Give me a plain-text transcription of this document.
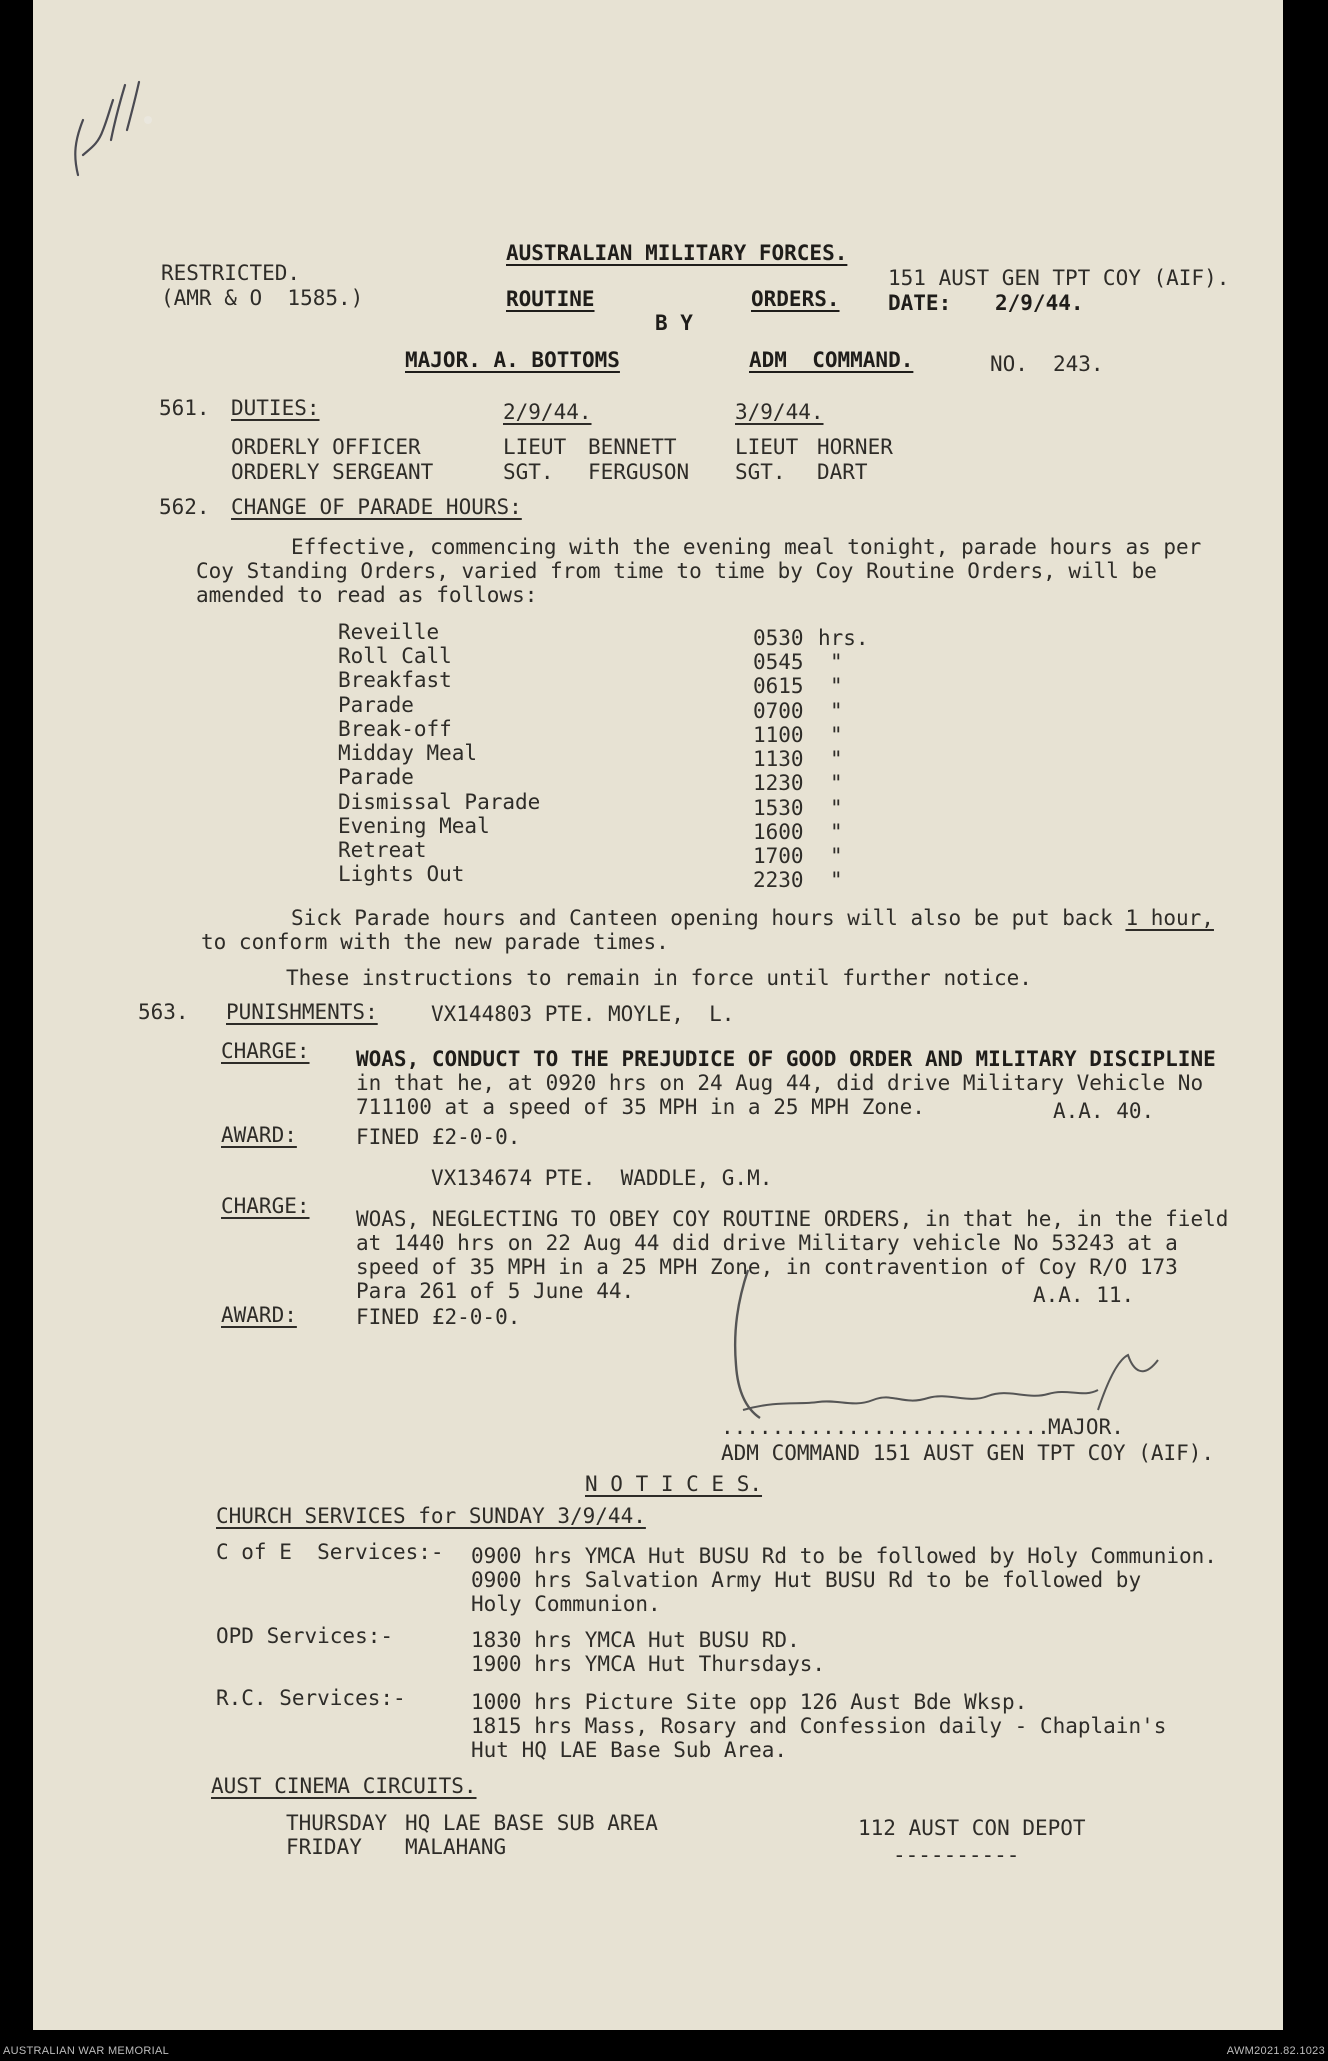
RESTRICTED.
(AMR & O  1585.)
AUSTRALIAN MILITARY FORCES.
151 AUST GEN TPT COY (AIF).
ROUTINE	ORDERS. DATE: 2/9/44.
B Y
MAJOR. A. BOTTOMS	ADM  COMMAND.	NO. 243.
561. DUTIES:	2/9/44.	3/9/44.
ORDERLY OFFICER	LIEUT BENNETT	LIEUT HORNER
ORDERLY SERGEANT	SGT. FERGUSON SGT. DART
562. CHANGE OF PARADE HOURS:
Effective, commencing with the evening meal tonight, parade hours as per
Coy Standing Orders, varied from time to time by Coy Routine Orders, will be
amended to read as follows:
Reveille	0530 hrs.
Roll Call	0545 "
Breakfast	0615 "
Parade	0700 "
Break-off	1100 "
Midday Meal	1130 "
Parade	1230 "
Dismissal Parade	1530 "
Evening Meal	1600 "
Retreat	1700 "
Lights Out	2230 "
Sick Parade hours and Canteen opening hours will also be put back 1 hour,
to conform with the new parade times.
These instructions to remain in force until further notice.
563. PUNISHMENTS:	VX144803 PTE. MOYLE,  L.
CHARGE: WOAS, CONDUCT TO THE PREJUDICE OF GOOD ORDER AND MILITARY DISCIPLINE
in that he, at 0920 hrs on 24 Aug 44, did drive Military Vehicle No
711100 at a speed of 35 MPH in a 25 MPH Zone.	A.A. 40.
AWARD:	FINED £2-0-0.
VX134674 PTE.  WADDLE, G.M.
CHARGE:
WOAS, NEGLECTING TO OBEY COY ROUTINE ORDERS, in that he, in the field
at 1440 hrs on 22 Aug 44 did drive Military vehicle No 53243 at a
speed of 35 MPH in a 25 MPH Zone, in contravention of Coy R/O 173
Para 261 of 5 June 44.	A.A. 11.
AWARD:	FINED £2-0-0.
..........................
MAJOR.
ADM COMMAND 151 AUST GEN TPT COY (AIF).
N O T I C E S.
CHURCH SERVICES for SUNDAY 3/9/44.
C of E  Services:- 0900 hrs YMCA Hut BUSU Rd to be followed by Holy Communion.
0900 hrs Salvation Army Hut BUSU Rd to be followed by
Holy Communion.
OPD Services:-	1830 hrs YMCA Hut BUSU RD.
1900 hrs YMCA Hut Thursdays.
R.C. Services:-	1000 hrs Picture Site opp 126 Aust Bde Wksp.
1815 hrs Mass, Rosary and Confession daily - Chaplain's
Hut HQ LAE Base Sub Area.
AUST CINEMA CIRCUITS.
THURSDAY HQ LAE BASE SUB AREA
FRIDAY MALAHANG
112 AUST CON DEPOT
----------
AUSTRALIAN WAR MEMORIAL	AWM2021.82.1023
